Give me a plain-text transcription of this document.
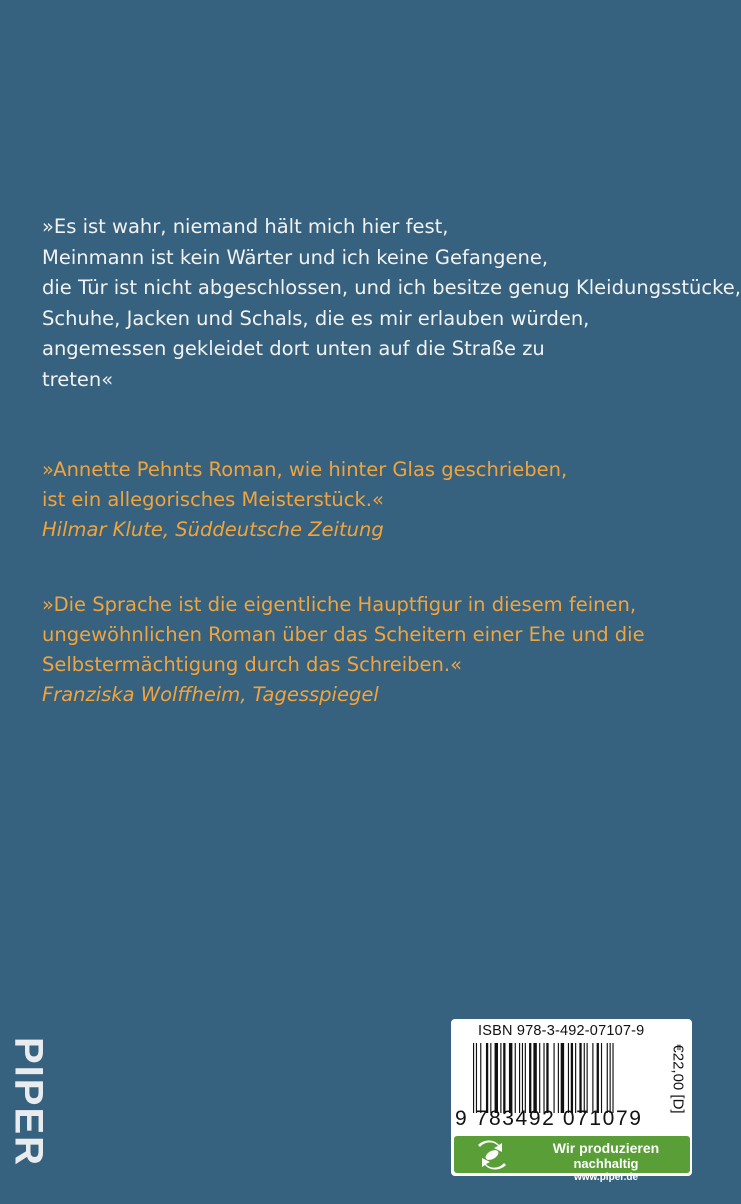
»Es ist wahr, niemand hält mich hier fest,
Meinmann ist kein Wärter und ich keine Gefangene,
die Tür ist nicht abgeschlossen, und ich besitze genug Kleidungsstücke,
Schuhe, Jacken und Schals, die es mir erlauben würden,
angemessen gekleidet dort unten auf die Straße zu
treten«
»Annette Pehnts Roman, wie hinter Glas geschrieben,
ist ein allegorisches Meisterstück.«
Hilmar Klute, Süddeutsche Zeitung
»Die Sprache ist die eigentliche Hauptfigur in diesem feinen,
ungewöhnlichen Roman über das Scheitern einer Ehe und die
Selbstermächtigung durch das Schreiben.«
Franziska Wolffheim, Tagesspiegel
PIPER
ISBN 978-3-492-07107-9
9 783492 071079
€22,00 [D]
Wir produzieren
nachhaltig
www.piper.de
